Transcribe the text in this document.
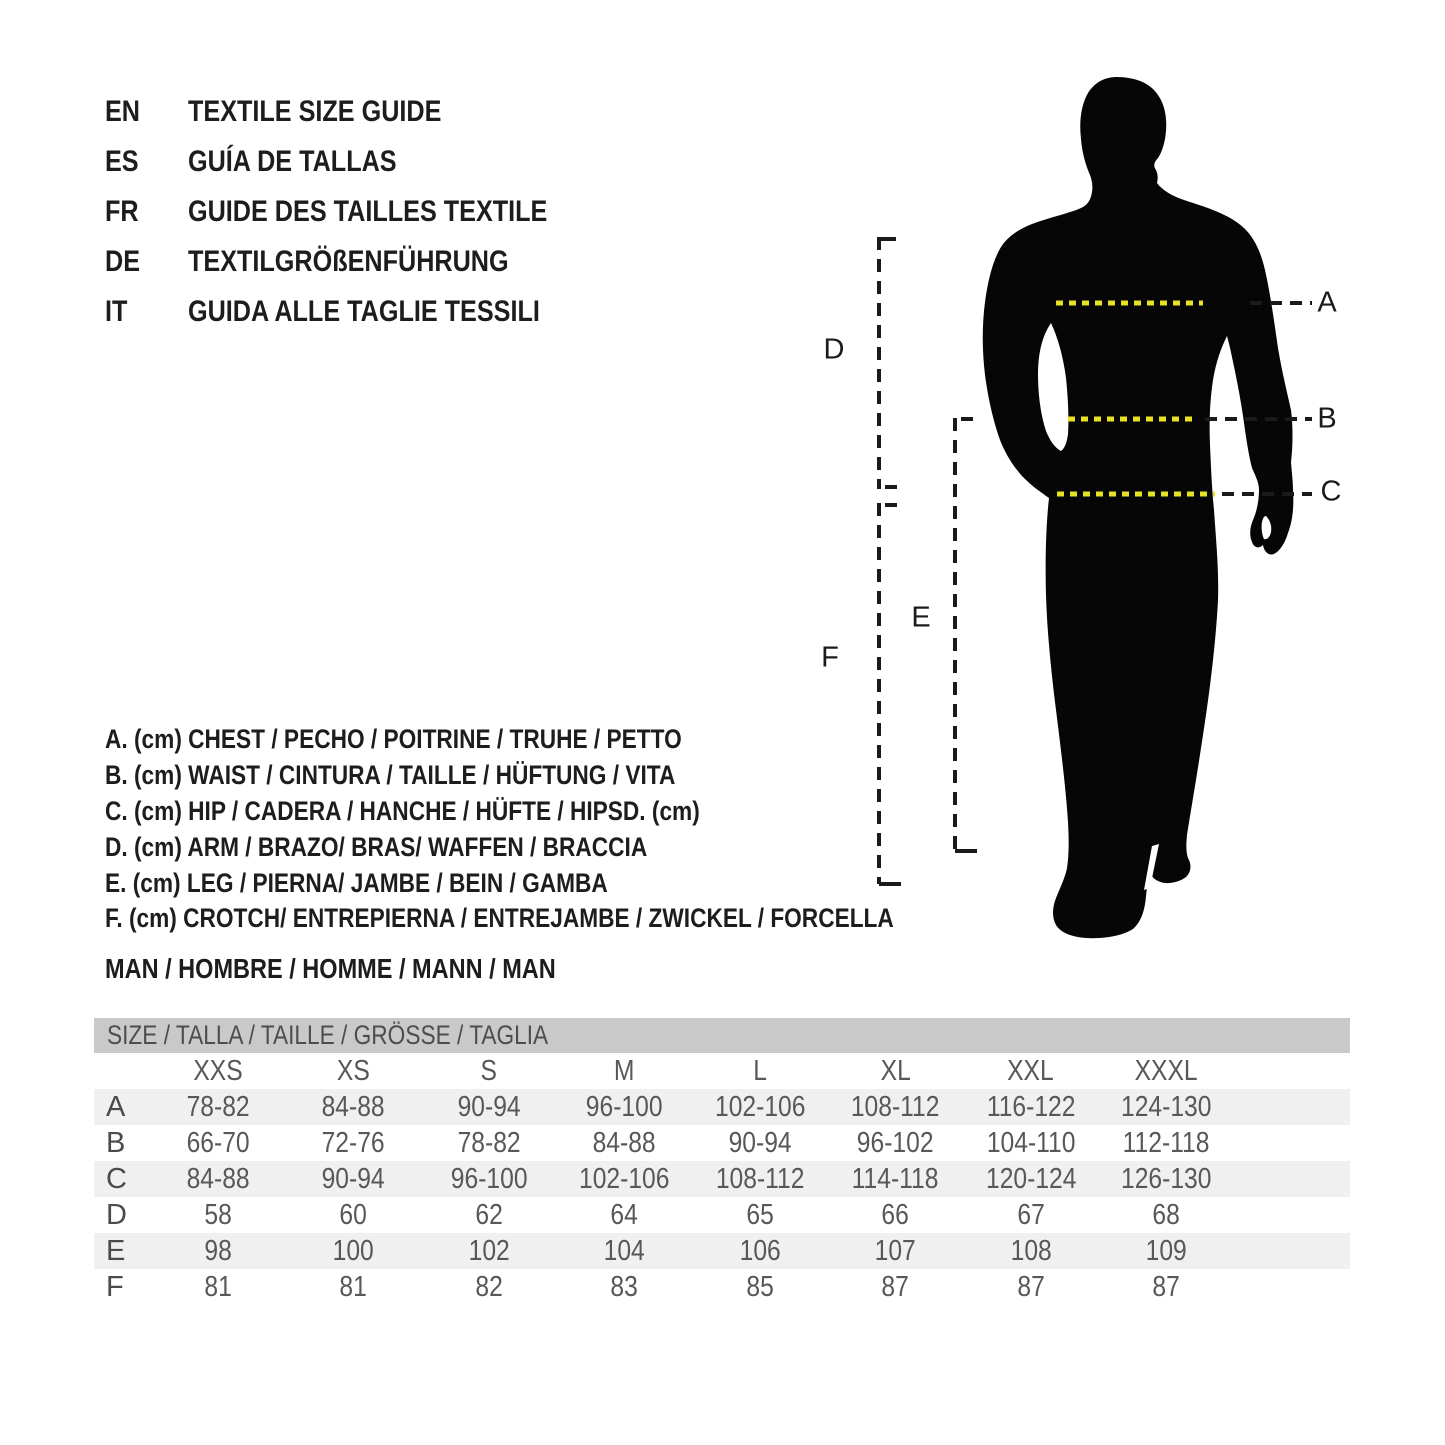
EN	TEXTILE SIZE GUIDE
ES	GUÍA DE TALLAS
FR	GUIDE DES TAILLES TEXTILE
DE	TEXTILGRÖßENFÜHRUNG
IT	GUIDA ALLE TAGLIE TESSILI	A
B
C
D
E
F
A. (cm) CHEST / PECHO / POITRINE / TRUHE / PETTO
B. (cm) WAIST / CINTURA / TAILLE / HÜFTUNG / VITA
C. (cm) HIP / CADERA / HANCHE / HÜFTE / HIPSD. (cm)
D. (cm) ARM / BRAZO/ BRAS/ WAFFEN / BRACCIA
E. (cm) LEG / PIERNA/ JAMBE / BEIN / GAMBA
F. (cm) CROTCH/ ENTREPIERNA / ENTREJAMBE / ZWICKEL / FORCELLA
MAN / HOMBRE / HOMME / MANN / MAN
SIZE / TALLA / TAILLE / GRÖSSE / TAGLIA
XXS	XS	S	M	L	XL	XXL	XXXL
A	78-82	84-88	90-94	96-100	102-106	108-112	116-122	124-130
B	66-70	72-76	78-82	84-88	90-94	96-102	104-110	112-118
C	84-88	90-94	96-100	102-106	108-112	114-118	120-124	126-130
D	58	60	62	64	65	66	67	68
E	98	100	102	104	106	107	108	109
F	81	81	82	83	85	87	87	87
